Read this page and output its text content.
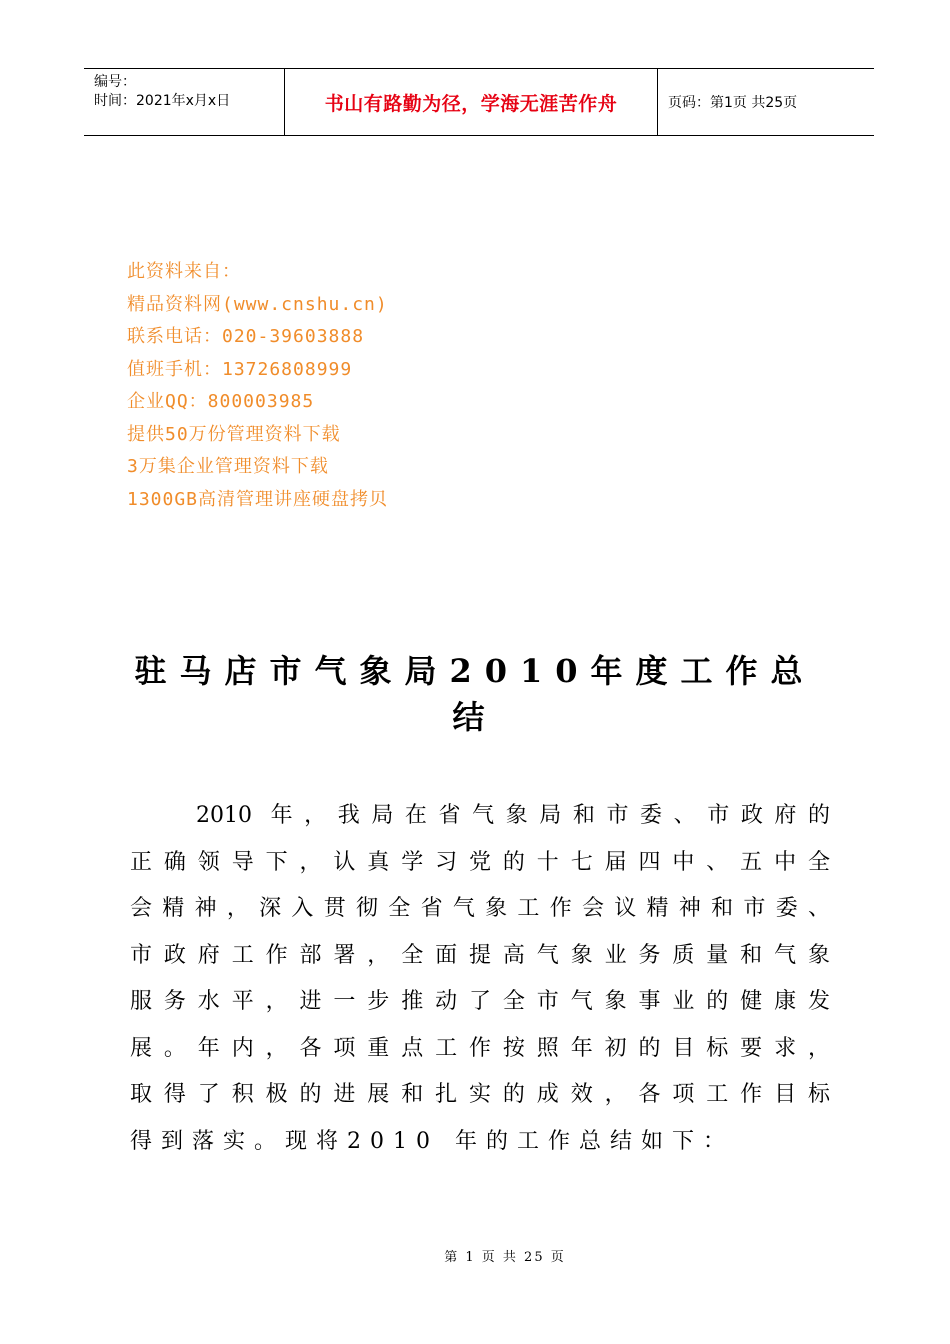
编号：
时间：2021年x月x日	书山有路勤为径，学海无涯苦作舟	页码：第1页 共25页
此资料来自：
精品资料网(www.cnshu.cn)
联系电话：020-39603888
值班手机：13726808999
企业QQ：800003985
提供50万份管理资料下载
3万集企业管理资料下载
1300GB高清管理讲座硬盘拷贝
驻马店市气象局2010年度工作总
结
2010 年，我局在省气象局和市委、市政府的
正确领导下，认真学习党的十七届四中、五中全
会精神，深入贯彻全省气象工作会议精神和市委、
市政府工作部署，全面提高气象业务质量和气象
服务水平，进一步推动了全市气象事业的健康发
展。年内，各项重点工作按照年初的目标要求，
取得了积极的进展和扎实的成效，各项工作目标
得到落实。现将2010 年的工作总结如下：
第 1 页 共 25 页
